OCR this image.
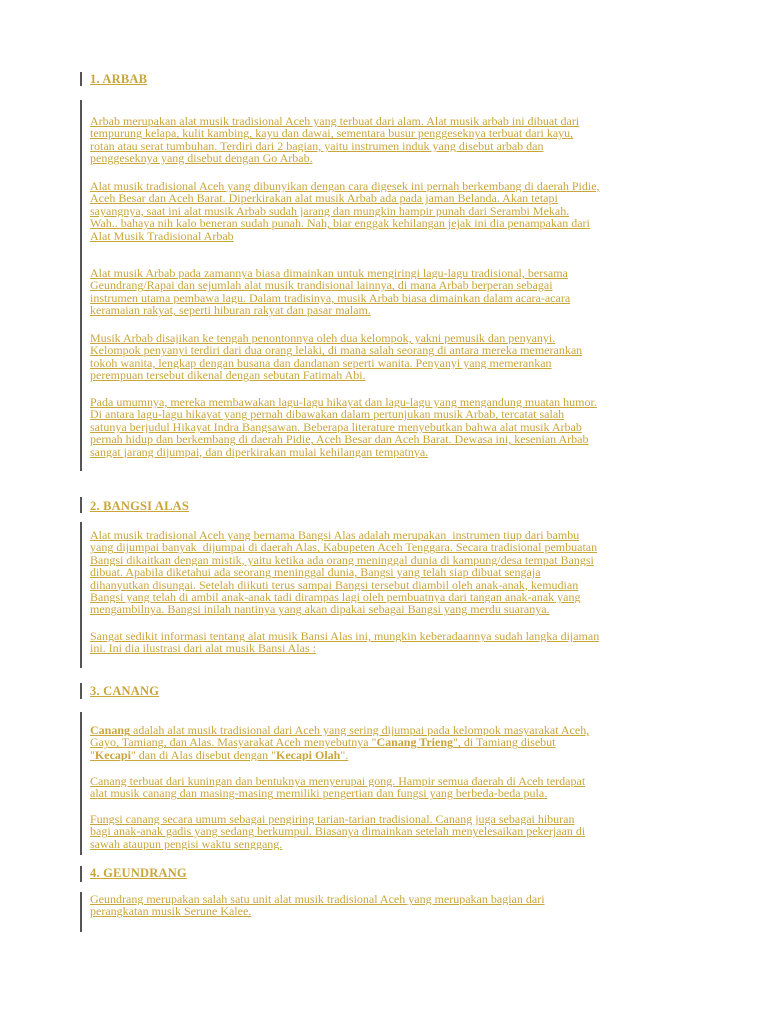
1. ARBAB
Arbab merupakan alat musik tradisional Aceh yang terbuat dari alam. Alat musik arbab ini dibuat dari
tempurung kelapa, kulit kambing, kayu dan dawai, sementara busur penggeseknya terbuat dari kayu,
rotan atau serat tumbuhan. Terdiri dari 2 bagian, yaitu instrumen induk yang disebut arbab dan
penggeseknya yang disebut dengan Go Arbab.
Alat musik tradisional Aceh yang dibunyikan dengan cara digesek ini pernah berkembang di daerah Pidie,
Aceh Besar dan Aceh Barat. Diperkirakan alat musik Arbab ada pada jaman Belanda. Akan tetapi
sayangnya, saat ini alat musik Arbab sudah jarang dan mungkin hampir punah dari Serambi Mekah.
Wah.. bahaya nih kalo beneran sudah punah. Nah, biar enggak kehilangan jejak ini dia penampakan dari
Alat Musik Tradisional Arbab
Alat musik Arbab pada zamannya biasa dimainkan untuk mengiringi lagu-lagu tradisional, bersama
Geundrang/Rapai dan sejumlah alat musik trandisional lainnya, di mana Arbab berperan sebagai
instrumen utama pembawa lagu. Dalam tradisinya, musik Arbab biasa dimainkan dalam acara-acara
keramaian rakyat, seperti hiburan rakyat dan pasar malam.
Musik Arbab disajikan ke tengah penontonnya oleh dua kelompok, yakni pemusik dan penyanyi.
Kelompok penyanyi terdiri dari dua orang lelaki, di mana salah seorang di antara mereka memerankan
tokoh wanita, lengkap dengan busana dan dandanan seperti wanita. Penyanyi yang memerankan
perempuan tersebut dikenal dengan sebutan Fatimah Abi.
Pada umumnya, mereka membawakan lagu-lagu hikayat dan lagu-lagu yang mengandung muatan humor.
Di antara lagu-lagu hikayat yang pernah dibawakan dalam pertunjukan musik Arbab, tercatat salah
satunya berjudul Hikayat Indra Bangsawan. Beberapa literature menyebutkan bahwa alat musik Arbab
pernah hidup dan berkembang di daerah Pidie, Aceh Besar dan Aceh Barat. Dewasa ini, kesenian Arbab
sangat jarang dijumpai, dan diperkirakan mulai kehilangan tempatnya.
2. BANGSI ALAS
Alat musik tradisional Aceh yang bernama Bangsi Alas adalah merupakan  instrumen tiup dari bambu
yang dijumpai banyak  dijumpai di daerah Alas, Kabupeten Aceh Tenggara. Secara tradisional pembuatan
Bangsi dikaitkan dengan mistik, yaitu ketika ada orang meninggal dunia di kampung/desa tempat Bangsi
dibuat. Apabila diketahui ada seorang meninggal dunia, Bangsi yang telah siap dibuat sengaja
dihanyutkan disungai. Setelah diikuti terus sampai Bangsi tersebut diambil oleh anak-anak, kemudian
Bangsi yang telah di ambil anak-anak tadi dirampas lagi oleh pembuatnya dari tangan anak-anak yang
mengambilnya. Bangsi inilah nantinya yang akan dipakai sebagai Bangsi yang merdu suaranya.
Sangat sedikit informasi tentang alat musik Bansi Alas ini, mungkin keberadaannya sudah langka dijaman
ini. Ini dia ilustrasi dari alat musik Bansi Alas :
3. CANANG
Canang adalah alat musik tradisional dari Aceh yang sering dijumpai pada kelompok masyarakat Aceh,
Gayo, Tamiang, dan Alas. Masyarakat Aceh menyebutnya "Canang Trieng", di Tamiang disebut
"Kecapi" dan di Alas disebut dengan "Kecapi Olah".
Canang terbuat dari kuningan dan bentuknya menyerupai gong. Hampir semua daerah di Aceh terdapat
alat musik canang dan masing-masing memiliki pengertian dan fungsi yang berbeda-beda pula.
Fungsi canang secara umum sebagai pengiring tarian-tarian tradisional. Canang juga sebagai hiburan
bagi anak-anak gadis yang sedang berkumpul. Biasanya dimainkan setelah menyelesaikan pekerjaan di
sawah ataupun pengisi waktu senggang.
4. GEUNDRANG
Geundrang merupakan salah satu unit alat musik tradisional Aceh yang merupakan bagian dari
perangkatan musik Serune Kalee.
